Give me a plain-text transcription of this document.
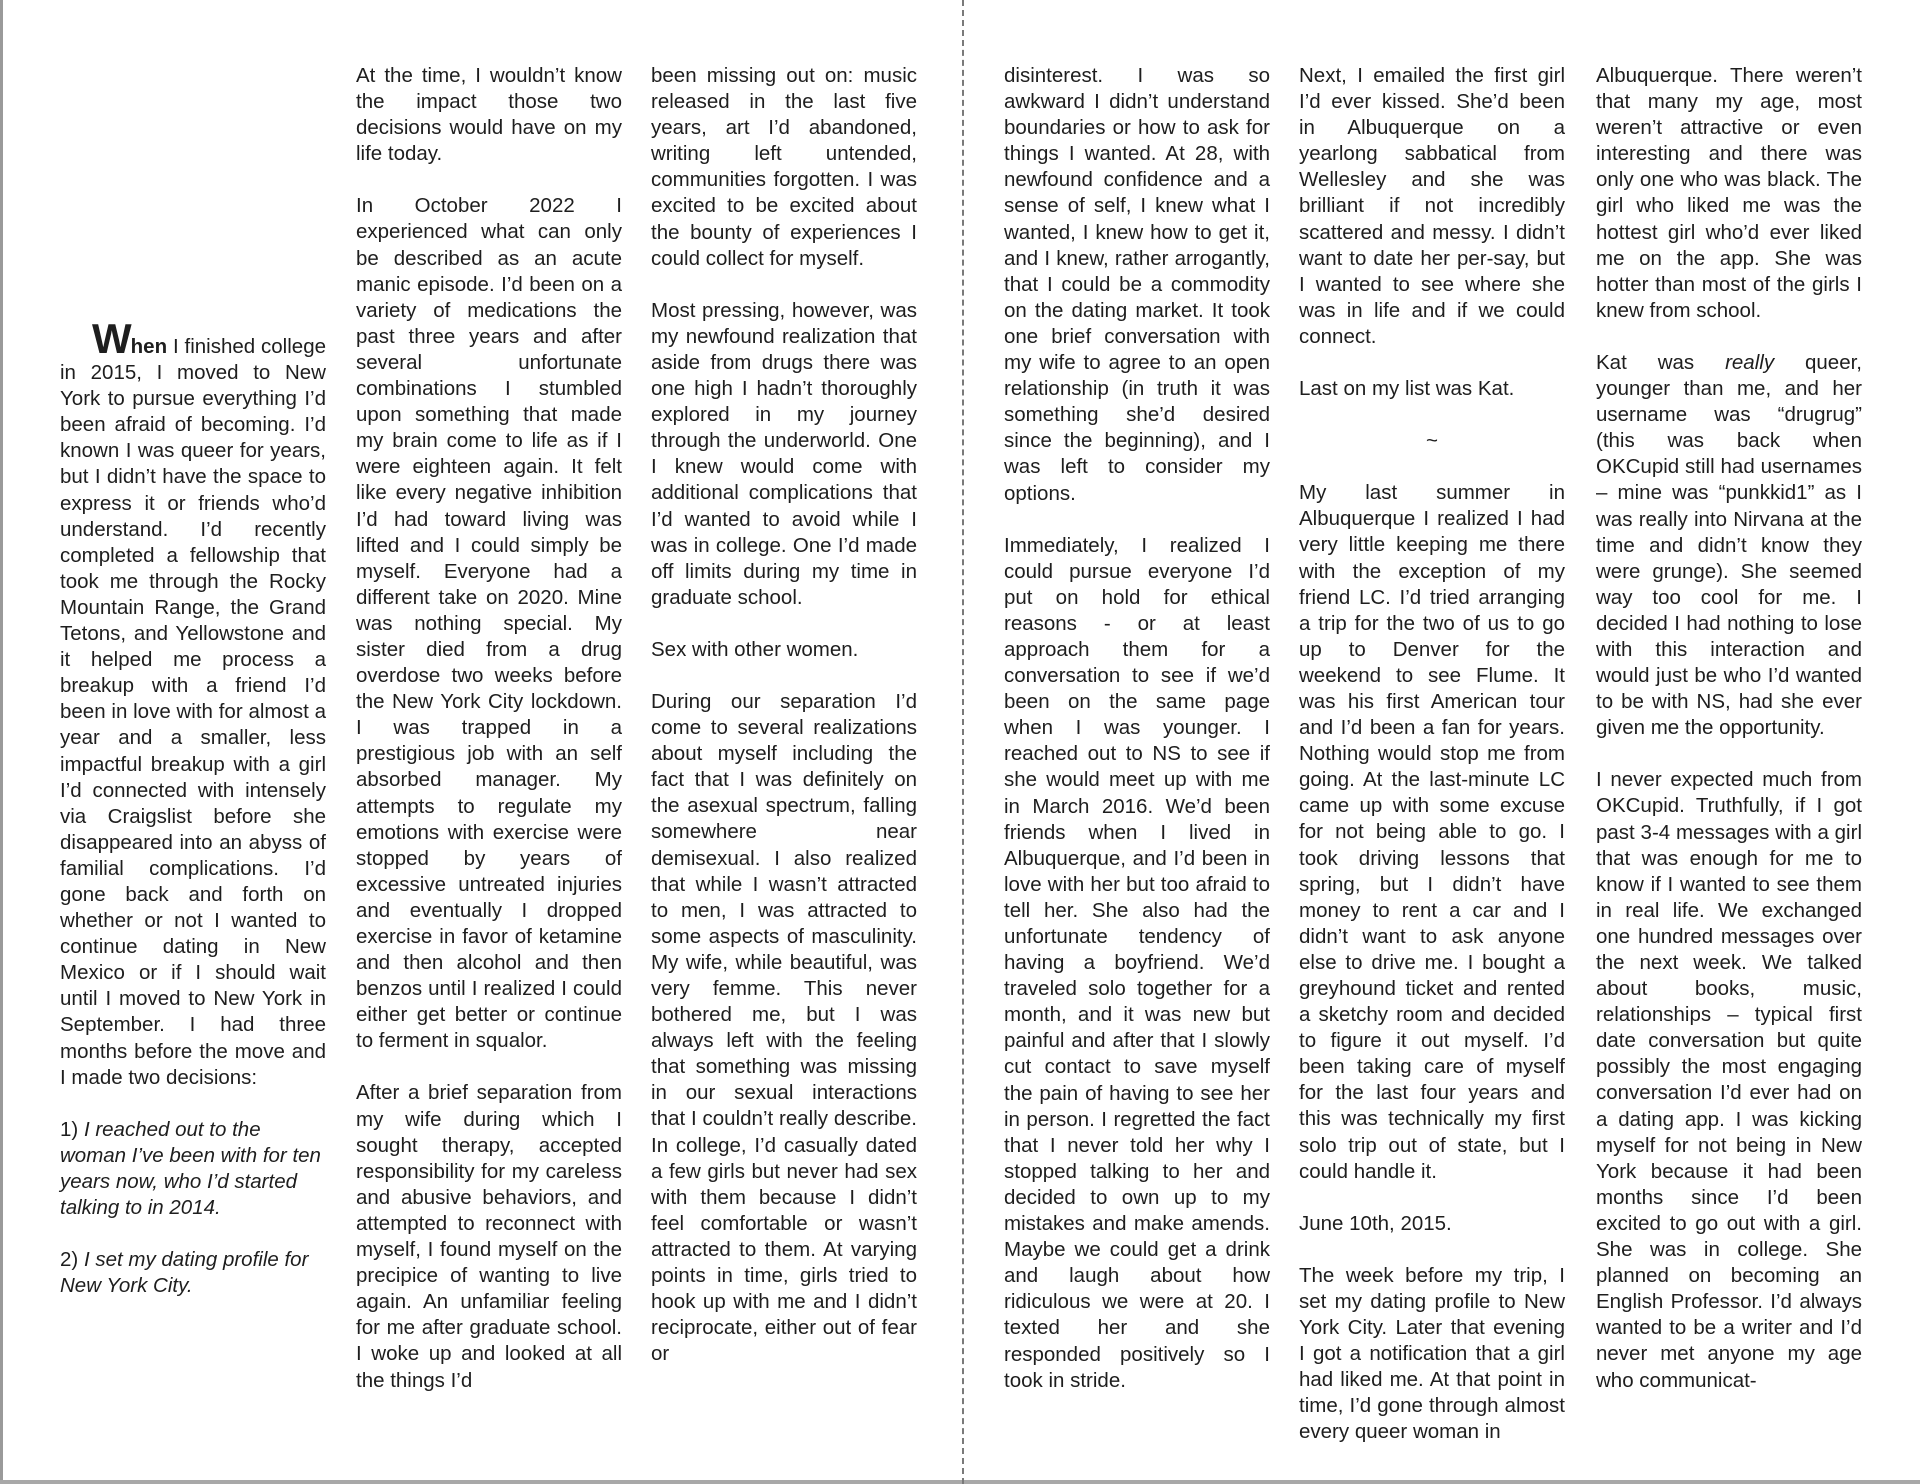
When I finished college in 2015, I moved to New York to pursue everything I’d been afraid of becoming. I’d known I was queer for years, but I didn’t have the space to express it or friends who’d understand. I’d recently completed a fellowship that took me through the Rocky Mountain Range, the Grand Tetons, and Yellowstone and it helped me process a breakup with a friend I’d been in love with for almost a year and a smaller, less impactful breakup with a girl I’d connected with intensely via Craigslist before she disappeared into an abyss of familial complications. I’d gone back and forth on whether or not I wanted to continue dating in New Mexico or if I should wait until I moved to New York in September. I had three months before the move and I made two decisions:

1) I reached out to the woman I’ve been with for ten years now, who I’d started talking to in 2014.

2) I set my dating profile for New York City.

At the time, I wouldn’t know the impact those two decisions would have on my life today.

In October 2022 I experienced what can only be described as an acute manic episode. I’d been on a variety of medications the past three years and after several unfortunate combinations I stumbled upon something that made my brain come to life as if I were eighteen again. It felt like every negative inhibition I’d had toward living was lifted and I could simply be myself. Everyone had a different take on 2020. Mine was nothing special. My sister died from a drug overdose two weeks before the New York City lockdown. I was trapped in a prestigious job with an self absorbed manager. My attempts to regulate my emotions with exercise were stopped by years of excessive untreated injuries and eventually I dropped exercise in favor of ketamine and then alcohol and then benzos until I realized I could either get better or continue to ferment in squalor.

After a brief separation from my wife during which I sought therapy, accepted responsibility for my careless and abusive behaviors, and attempted to reconnect with myself, I found myself on the precipice of wanting to live again. An unfamiliar feeling for me after graduate school. I woke up and looked at all the things I’d

been missing out on: music released in the last five years, art I’d abandoned, writing left untended, communities forgotten. I was excited to be excited about the bounty of experiences I could collect for myself.

Most pressing, however, was my newfound realization that aside from drugs there was one high I hadn’t thoroughly explored in my journey through the underworld. One I knew would come with additional complications that I’d wanted to avoid while I was in college. One I’d made off limits during my time in graduate school.

Sex with other women.

During our separation I’d come to several realizations about myself including the fact that I was definitely on the asexual spectrum, falling somewhere near demisexual. I also realized that while I wasn’t attracted to men, I was attracted to some aspects of masculinity. My wife, while beautiful, was very femme. This never bothered me, but I was always left with the feeling that something was missing in our sexual interactions that I couldn’t really describe. In college, I’d casually dated a few girls but never had sex with them because I didn’t feel comfortable or wasn’t attracted to them. At varying points in time, girls tried to hook up with me and I didn’t reciprocate, either out of fear or

disinterest. I was so awkward I didn’t understand boundaries or how to ask for things I wanted. At 28, with newfound confidence and a sense of self, I knew what I wanted, I knew how to get it, and I knew, rather arrogantly, that I could be a commodity on the dating market. It took one brief conversation with my wife to agree to an open relationship (in truth it was something she’d desired since the beginning), and I was left to consider my options.

Immediately, I realized I could pursue everyone I’d put on hold for ethical reasons - or at least approach them for a conversation to see if we’d been on the same page when I was younger. I reached out to NS to see if she would meet up with me in March 2016. We’d been friends when I lived in Albuquerque, and I’d been in love with her but too afraid to tell her. She also had the unfortunate tendency of having a boyfriend. We’d traveled solo together for a month, and it was new but painful and after that I slowly cut contact to save myself the pain of having to see her in person. I regretted the fact that I never told her why I stopped talking to her and decided to own up to my mistakes and make amends. Maybe we could get a drink and laugh about how ridiculous we were at 20. I texted her and she responded positively so I took in stride.

Next, I emailed the first girl I’d ever kissed. She’d been in Albuquerque on a yearlong sabbatical from Wellesley and she was brilliant if not incredibly scattered and messy. I didn’t want to date her per-say, but I wanted to see where she was in life and if we could connect.

Last on my list was Kat.

~

My last summer in Albuquerque I realized I had very little keeping me there with the exception of my friend LC. I’d tried arranging a trip for the two of us to go up to Denver for the weekend to see Flume. It was his first American tour and I’d been a fan for years. Nothing would stop me from going. At the last-minute LC came up with some excuse for not being able to go. I took driving lessons that spring, but I didn’t have money to rent a car and I didn’t want to ask anyone else to drive me. I bought a greyhound ticket and rented a sketchy room and decided to figure it out myself. I’d been taking care of myself for the last four years and this was technically my first solo trip out of state, but I could handle it.

June 10th, 2015.

The week before my trip, I set my dating profile to New York City. Later that evening I got a notification that a girl had liked me. At that point in time, I’d gone through almost every queer woman in

Albuquerque. There weren’t that many my age, most weren’t attractive or even interesting and there was only one who was black. The girl who liked me was the hottest girl who’d ever liked me on the app. She was hotter than most of the girls I knew from school.

Kat was really queer, younger than me, and her username was “drugrug” (this was back when OKCupid still had usernames – mine was “punkkid1” as I was really into Nirvana at the time and didn’t know they were grunge). She seemed way too cool for me. I decided I had nothing to lose with this interaction and would just be who I’d wanted to be with NS, had she ever given me the opportunity.

I never expected much from OKCupid. Truthfully, if I got past 3-4 messages with a girl that was enough for me to know if I wanted to see them in real life. We exchanged one hundred messages over the next week. We talked about books, music, relationships – typical first date conversation but quite possibly the most engaging conversation I’d ever had on a dating app. I was kicking myself for not being in New York because it had been months since I’d been excited to go out with a girl. She was in college. She planned on becoming an English Professor. I’d always wanted to be a writer and I’d never met anyone my age who communicat-
